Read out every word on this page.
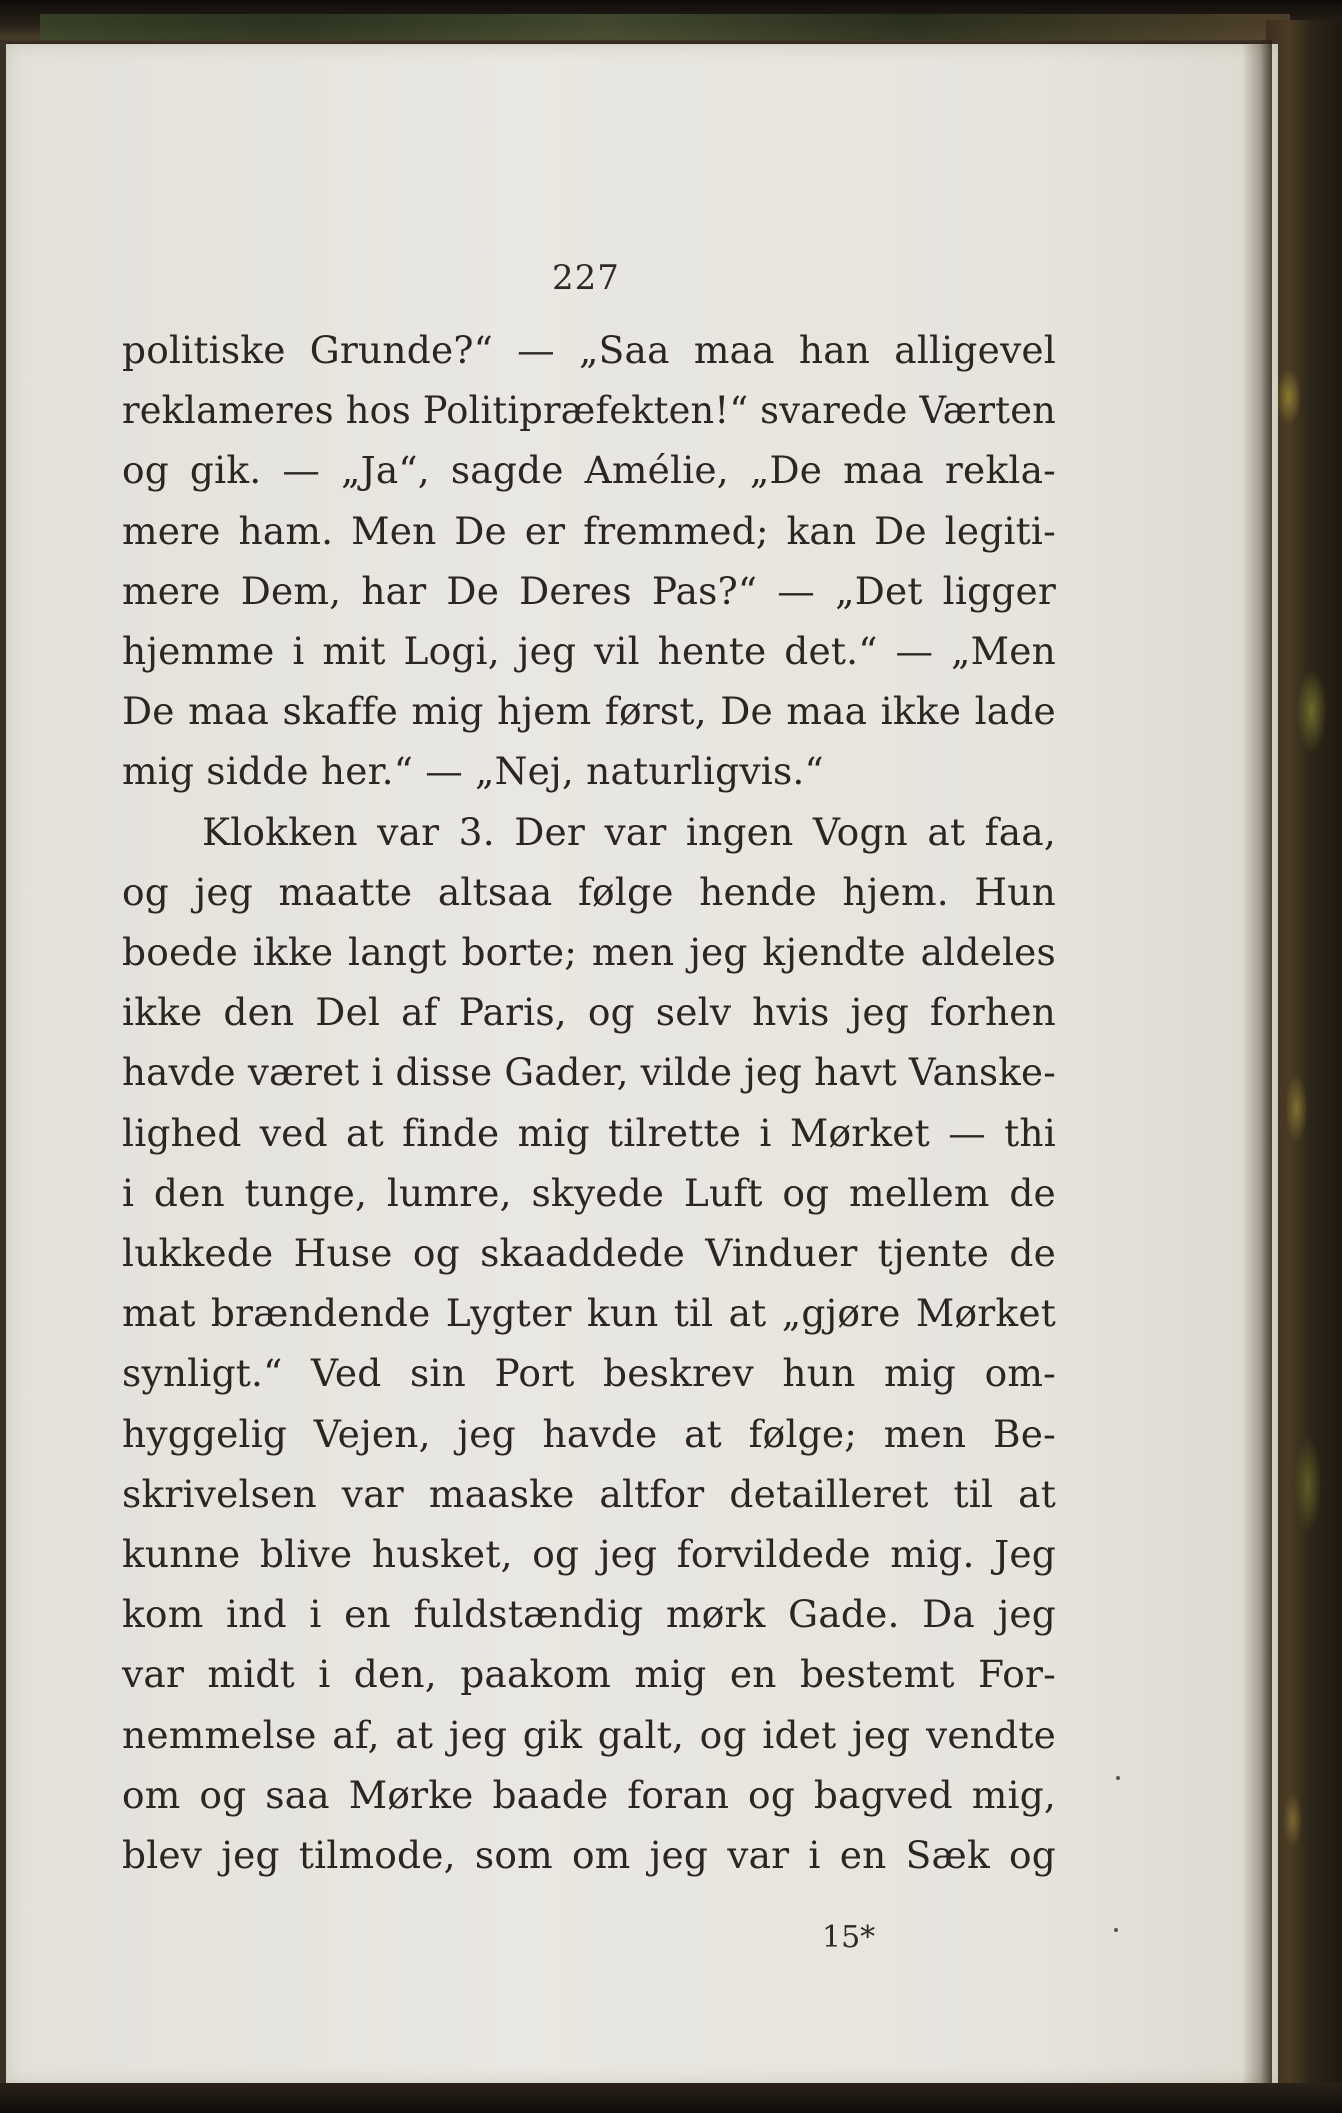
227

politiske Grunde?“ — „Saa maa han alligevel

reklameres hos Politipræfekten!“ svarede Værten

og gik. — „Ja“, sagde Amélie, „De maa rekla-

mere ham. Men De er fremmed; kan De legiti-

mere Dem, har De Deres Pas?“ — „Det ligger

hjemme i mit Logi, jeg vil hente det.“ — „Men

De maa skaffe mig hjem først, De maa ikke lade

mig sidde her.“ — „Nej, naturligvis.“

Klokken var 3. Der var ingen Vogn at faa,

og jeg maatte altsaa følge hende hjem. Hun

boede ikke langt borte; men jeg kjendte aldeles

ikke den Del af Paris, og selv hvis jeg forhen

havde været i disse Gader, vilde jeg havt Vanske-

lighed ved at finde mig tilrette i Mørket — thi

i den tunge, lumre, skyede Luft og mellem de

lukkede Huse og skaaddede Vinduer tjente de

mat brændende Lygter kun til at „gjøre Mørket

synligt.“ Ved sin Port beskrev hun mig om-

hyggelig Vejen, jeg havde at følge; men Be-

skrivelsen var maaske altfor detailleret til at

kunne blive husket, og jeg forvildede mig. Jeg

kom ind i en fuldstændig mørk Gade. Da jeg

var midt i den, paakom mig en bestemt For-

nemmelse af, at jeg gik galt, og idet jeg vendte

om og saa Mørke baade foran og bagved mig,

blev jeg tilmode, som om jeg var i en Sæk og

15*
